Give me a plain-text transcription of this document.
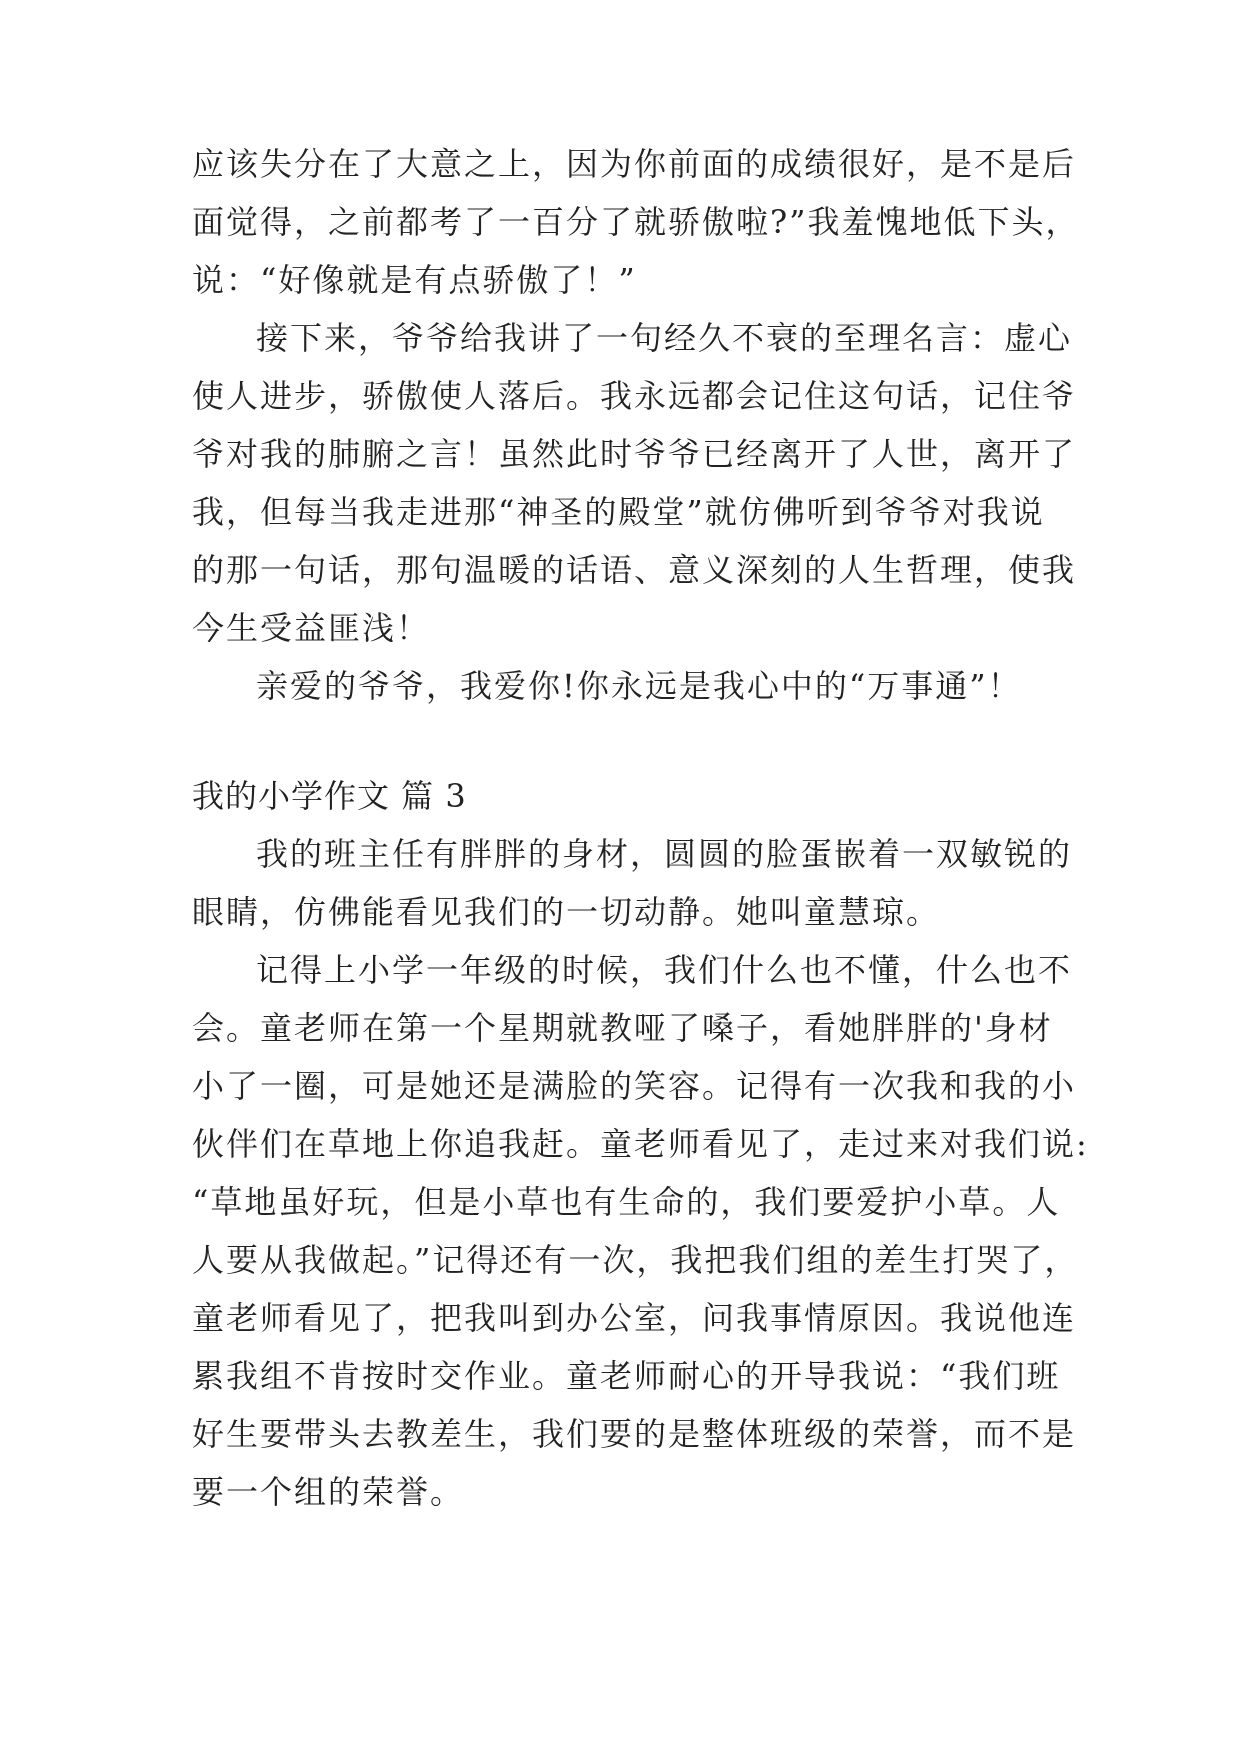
应该失分在了大意之上，因为你前面的成绩很好，是不是后
面觉得，之前都考了一百分了就骄傲啦?”我羞愧地低下头，
说：“好像就是有点骄傲了！”
接下来，爷爷给我讲了一句经久不衰的至理名言：虚心
使人进步，骄傲使人落后。我永远都会记住这句话，记住爷
爷对我的肺腑之言！虽然此时爷爷已经离开了人世，离开了
我，但每当我走进那“神圣的殿堂”就仿佛听到爷爷对我说
的那一句话，那句温暖的话语、意义深刻的人生哲理，使我
今生受益匪浅！
亲爱的爷爷，我爱你!你永远是我心中的“万事通”！
我的小学作文 篇 3
我的班主任有胖胖的身材，圆圆的脸蛋嵌着一双敏锐的
眼睛，仿佛能看见我们的一切动静。她叫童慧琼。
记得上小学一年级的时候，我们什么也不懂，什么也不
会。童老师在第一个星期就教哑了嗓子，看她胖胖的'身材
小了一圈，可是她还是满脸的笑容。记得有一次我和我的小
伙伴们在草地上你追我赶。童老师看见了，走过来对我们说:
“草地虽好玩，但是小草也有生命的，我们要爱护小草。人
人要从我做起。”记得还有一次，我把我们组的差生打哭了，
童老师看见了，把我叫到办公室，问我事情原因。我说他连
累我组不肯按时交作业。童老师耐心的开导我说：“我们班
好生要带头去教差生，我们要的是整体班级的荣誉，而不是
要一个组的荣誉。
